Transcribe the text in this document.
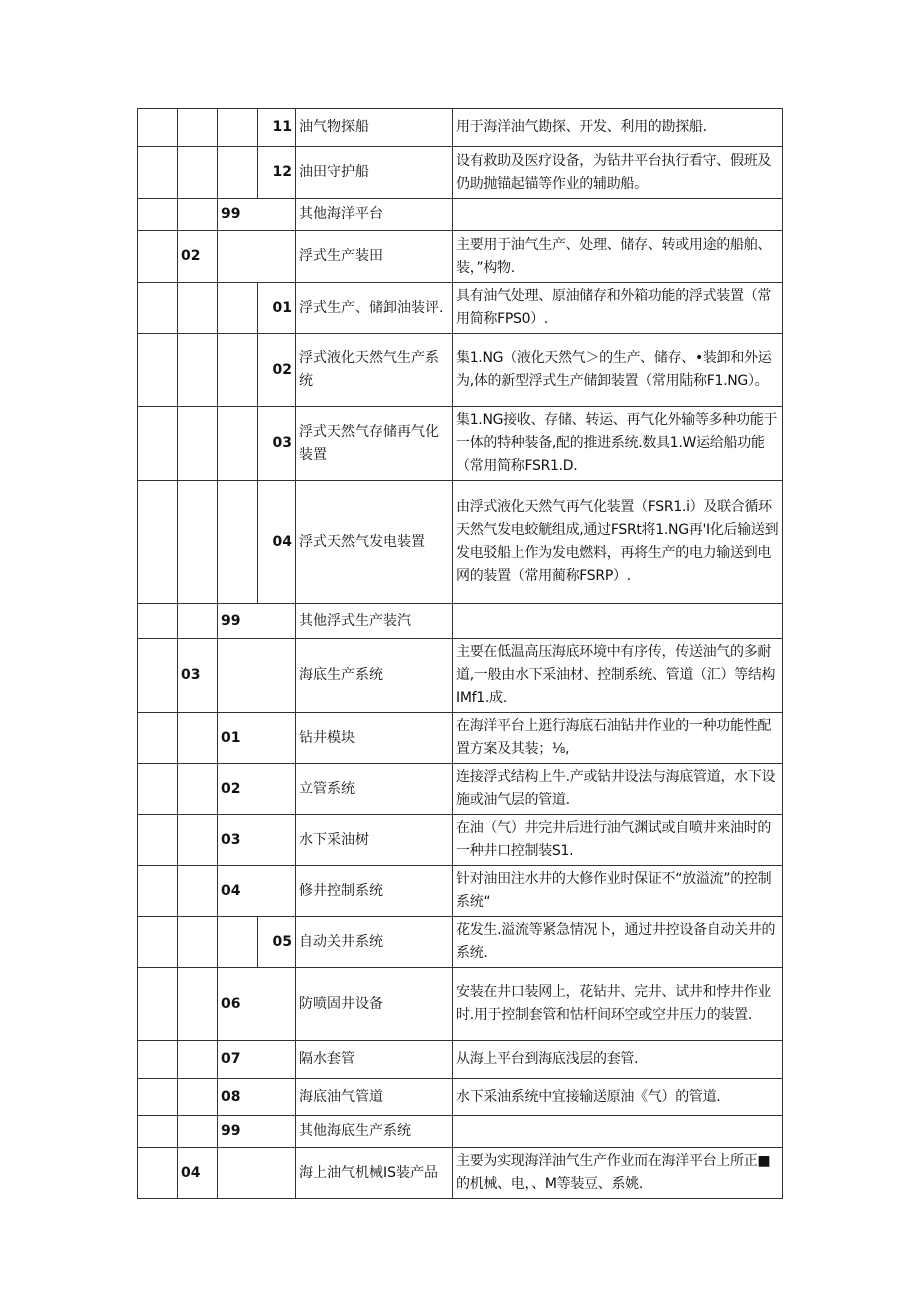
			11	油气物探船	用于海洋油气勘探、开发、利用的勘探船.
			12	油田守护船	设有救助及医疗设备，为钻井平台执行看守、假班及仍助抛锚起锚等作业的辅助船。
		99		其他海洋平台	
	02			浮式生产装田	主要用于油气生产、处理、储存、转或用途的船舶、装，”构物.
			01	浮式生产、储卸油装评.	具有油气处理、原油储存和外箱功能的浮式装置（常用简称FPS0）.
			02	浮式液化天然气生产系统	集1.NG（液化天然气＞的生产、储存、•装卸和外运为,体的新型浮式生产储卸装置（常用陆称F1.NG）。
			03	浮式天然气存储再气化装置	集1.NG接收、存储、转运、再气化外输等多种功能于一体的特种装备,配的推进系统.数具1.W运给船功能（常用简称FSR1.D.
			04	浮式天然气发电装置	由浮式液化天然气再气化装置（FSR1.i）及联合循环天然气发电蛟觥组成,通过FSRt将1.NG再'I化后输送到发电驳船上作为发电燃料，再将生产的电力输送到电网的装置（常用蔺称FSRP）.
		99		其他浮式生产装汽	
	03			海底生产系统	主要在低温高压海底环境中有序传，传送油气的多耐道,一般由水下采油材、控制系统、管道（汇）等结构IMf1.成.
		01		钻井模块	在海洋平台上逛行海底石油钻井作业的一种功能性配置方案及其装；⅛,
		02		立管系统	连接浮式结构上牛.产或钻井设法与海底管道，水下设施或油气层的管道.
		03		水下采油树	在油（气）井完井后进行油气渊试或自喷井来油时的一种井口控制装S1.
		04		修井控制系统	针对油田注水井的大修作业时保证不“放溢流”的控制系统“
			05	自动关井系统	花发生.溢流等紧急情况卜，通过井控设备自动关井的系统.
		06		防喷固井设备	安装在井口装网上，花钻井、完井、试井和悖井作业时.用于控制套管和怙杆间环空或空井压力的装置.
		07		隔水套管	从海上平台到海底浅层的套管.
		08		海底油气管道	水下采油系统中宜接输送原油《气）的管道.
		99		其他海底生产系统	
	04			海上油气机械IS装产品	主要为实现海洋油气生产作业而在海洋平台上所正■的机械、电，、M等装豆、系姚.
